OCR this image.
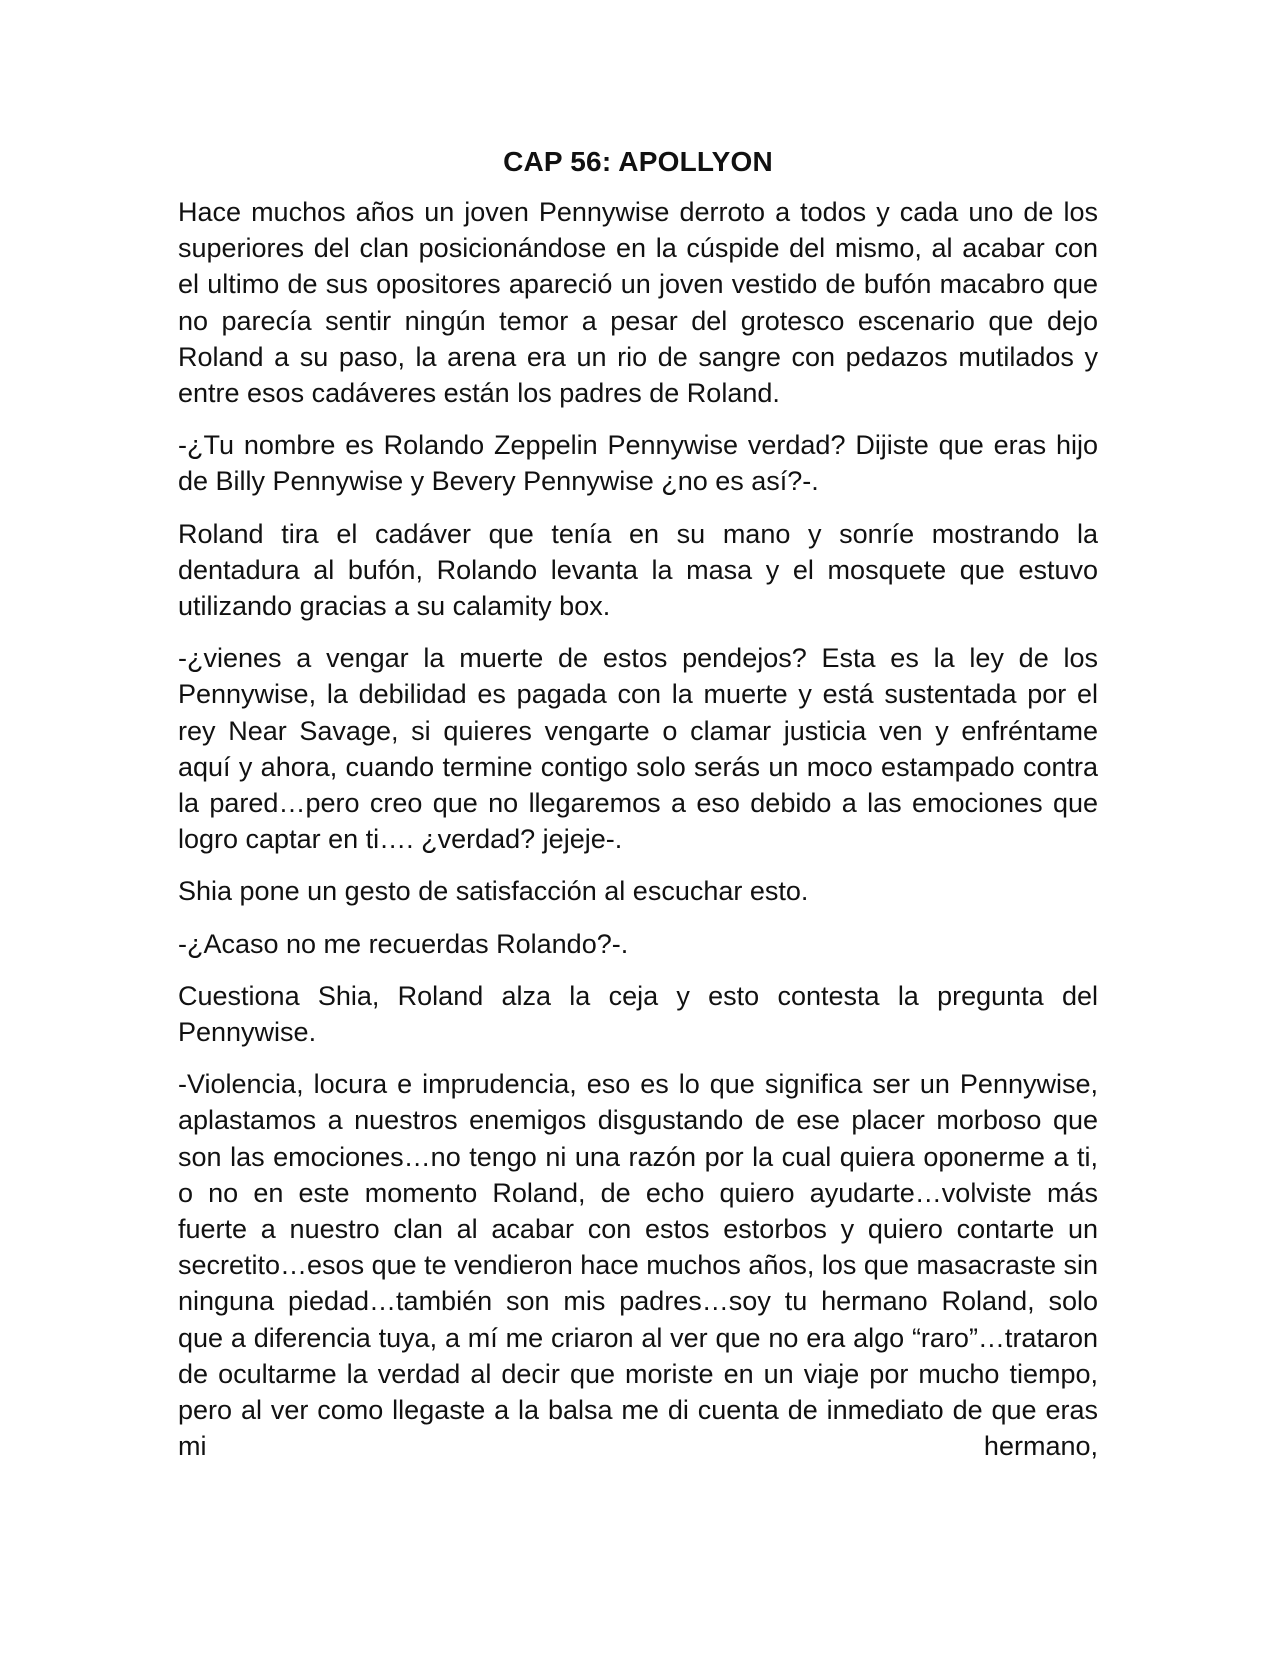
CAP 56: APOLLYON

Hace muchos años un joven Pennywise derroto a todos y cada uno de los superiores del clan posicionándose en la cúspide del mismo, al acabar con el ultimo de sus opositores apareció un joven vestido de bufón macabro que no parecía sentir ningún temor a pesar del grotesco escenario que dejo Roland a su paso, la arena era un rio de sangre con pedazos mutilados y entre esos cadáveres están los padres de Roland.

-¿Tu nombre es Rolando Zeppelin Pennywise verdad? Dijiste que eras hijo de Billy Pennywise y Bevery Pennywise ¿no es así?-.

Roland tira el cadáver que tenía en su mano y sonríe mostrando la dentadura al bufón, Rolando levanta la masa y el mosquete que estuvo utilizando gracias a su calamity box.

-¿vienes a vengar la muerte de estos pendejos? Esta es la ley de los Pennywise, la debilidad es pagada con la muerte y está sustentada por el rey Near Savage, si quieres vengarte o clamar justicia ven y enfréntame aquí y ahora, cuando termine contigo solo serás un moco estampado contra la pared…pero creo que no llegaremos a eso debido a las emociones que logro captar en ti…. ¿verdad? jejeje-.

Shia pone un gesto de satisfacción al escuchar esto.

-¿Acaso no me recuerdas Rolando?-.

Cuestiona Shia, Roland alza la ceja y esto contesta la pregunta del Pennywise.

-Violencia, locura e imprudencia, eso es lo que significa ser un Pennywise, aplastamos a nuestros enemigos disgustando de ese placer morboso que son las emociones…no tengo ni una razón por la cual quiera oponerme a ti, o no en este momento Roland, de echo quiero ayudarte…volviste más fuerte a nuestro clan al acabar con estos estorbos y quiero contarte un secretito…esos que te vendieron hace muchos años, los que masacraste sin ninguna piedad…también son mis padres…soy tu hermano Roland, solo que a diferencia tuya, a mí me criaron al ver que no era algo “raro”…trataron de ocultarme la verdad al decir que moriste en un viaje por mucho tiempo, pero al ver como llegaste a la balsa me di cuenta de inmediato de que eras mi hermano,
